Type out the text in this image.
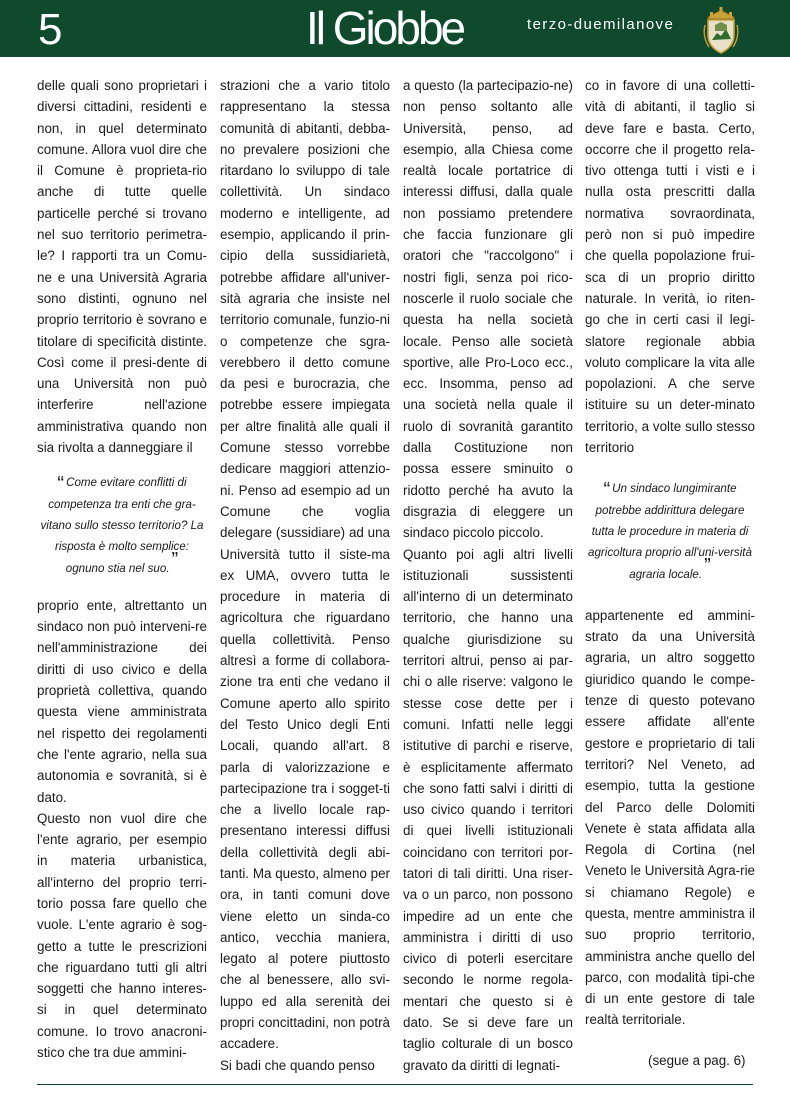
5	Il Giobbe	terzo-duemilanove

delle quali sono proprietari i diversi cittadini, residenti e non, in quel determinato comune. Allora vuol dire che il Comune è proprieta-rio anche di tutte quelle particelle perché si trovano nel suo territorio perimetra-le? I rapporti tra un Comu-ne e una Università Agraria sono distinti, ognuno nel proprio territorio è sovrano e titolare di specificità distinte. Così come il presi-dente di una Università non può interferire nell'azione amministrativa quando non sia rivolta a danneggiare il

“ Come evitare conflitti di competenza tra enti che gra-vitano sullo stesso territorio? La risposta è molto semplice: ognuno stia nel suo. ”

proprio ente, altrettanto un sindaco non può interveni-re nell'amministrazione dei diritti di uso civico e della proprietà collettiva, quando questa viene amministrata nel rispetto dei regolamenti che l'ente agrario, nella sua autonomia e sovranità, si è dato.

Questo non vuol dire che l'ente agrario, per esempio in materia urbanistica, all'interno del proprio terri-torio possa fare quello che vuole. L'ente agrario è sog-getto a tutte le prescrizioni che riguardano tutti gli altri soggetti che hanno interes-si in quel determinato comune. Io trovo anacroni-stico che tra due ammini-

strazioni che a vario titolo rappresentano la stessa comunità di abitanti, debba-no prevalere posizioni che ritardano lo sviluppo di tale collettività. Un sindaco moderno e intelligente, ad esempio, applicando il prin-cipio della sussidiarietà, potrebbe affidare all'univer-sità agraria che insiste nel territorio comunale, funzio-ni o competenze che sgra-verebbero il detto comune da pesi e burocrazia, che potrebbe essere impiegata per altre finalità alle quali il Comune stesso vorrebbe dedicare maggiori attenzio-ni. Penso ad esempio ad un Comune che voglia delegare (sussidiare) ad una Università tutto il siste-ma ex UMA, ovvero tutta le procedure in materia di agricoltura che riguardano quella collettività. Penso altresì a forme di collabora-zione tra enti che vedano il Comune aperto allo spirito del Testo Unico degli Enti Locali, quando all'art. 8 parla di valorizzazione e partecipazione tra i sogget-ti che a livello locale rap-presentano interessi diffusi della collettività degli abi-tanti. Ma questo, almeno per ora, in tanti comuni dove viene eletto un sinda-co antico, vecchia maniera, legato al potere piuttosto che al benessere, allo svi-luppo ed alla serenità dei propri concittadini, non potrà accadere.

Si badi che quando penso

a questo (la partecipazio-ne) non penso soltanto alle Università, penso, ad esempio, alla Chiesa come realtà locale portatrice di interessi diffusi, dalla quale non possiamo pretendere che faccia funzionare gli oratori che "raccolgono" i nostri figli, senza poi rico-noscerle il ruolo sociale che questa ha nella società locale. Penso alle società sportive, alle Pro-Loco ecc., ecc. Insomma, penso ad una società nella quale il ruolo di sovranità garantito dalla Costituzione non possa essere sminuito o ridotto perché ha avuto la disgrazia di eleggere un sindaco piccolo piccolo.

Quanto poi agli altri livelli istituzionali sussistenti all'interno di un determinato territorio, che hanno una qualche giurisdizione su territori altrui, penso ai par-chi o alle riserve: valgono le stesse cose dette per i comuni. Infatti nelle leggi istitutive di parchi e riserve, è esplicitamente affermato che sono fatti salvi i diritti di uso civico quando i territori di quei livelli istituzionali coincidano con territori por-tatori di tali diritti. Una riser-va o un parco, non possono impedire ad un ente che amministra i diritti di uso civico di poterli esercitare secondo le norme regola-mentari che questo si è dato. Se si deve fare un taglio colturale di un bosco gravato da diritti di legnati-

co in favore di una colletti-vità di abitanti, il taglio si deve fare e basta. Certo, occorre che il progetto rela-tivo ottenga tutti i visti e i nulla osta prescritti dalla normativa sovraordinata, però non si può impedire che quella popolazione frui-sca di un proprio diritto naturale. In verità, io riten-go che in certi casi il legi-slatore regionale abbia voluto complicare la vita alle popolazioni. A che serve istituire su un deter-minato territorio, a volte sullo stesso territorio

“ Un sindaco lungimirante potrebbe addirittura delegare tutta le procedure in materia di agricoltura proprio all'uni-versità agraria locale. ”

appartenente ed ammini-strato da una Università agraria, un altro soggetto giuridico quando le compe-tenze di questo potevano essere affidate all'ente gestore e proprietario di tali territori? Nel Veneto, ad esempio, tutta la gestione del Parco delle Dolomiti Venete è stata affidata alla Regola di Cortina (nel Veneto le Università Agra-rie si chiamano Regole) e questa, mentre amministra il suo proprio territorio, amministra anche quello del parco, con modalità tipi-che di un ente gestore di tale realtà territoriale.

(segue a pag. 6)
